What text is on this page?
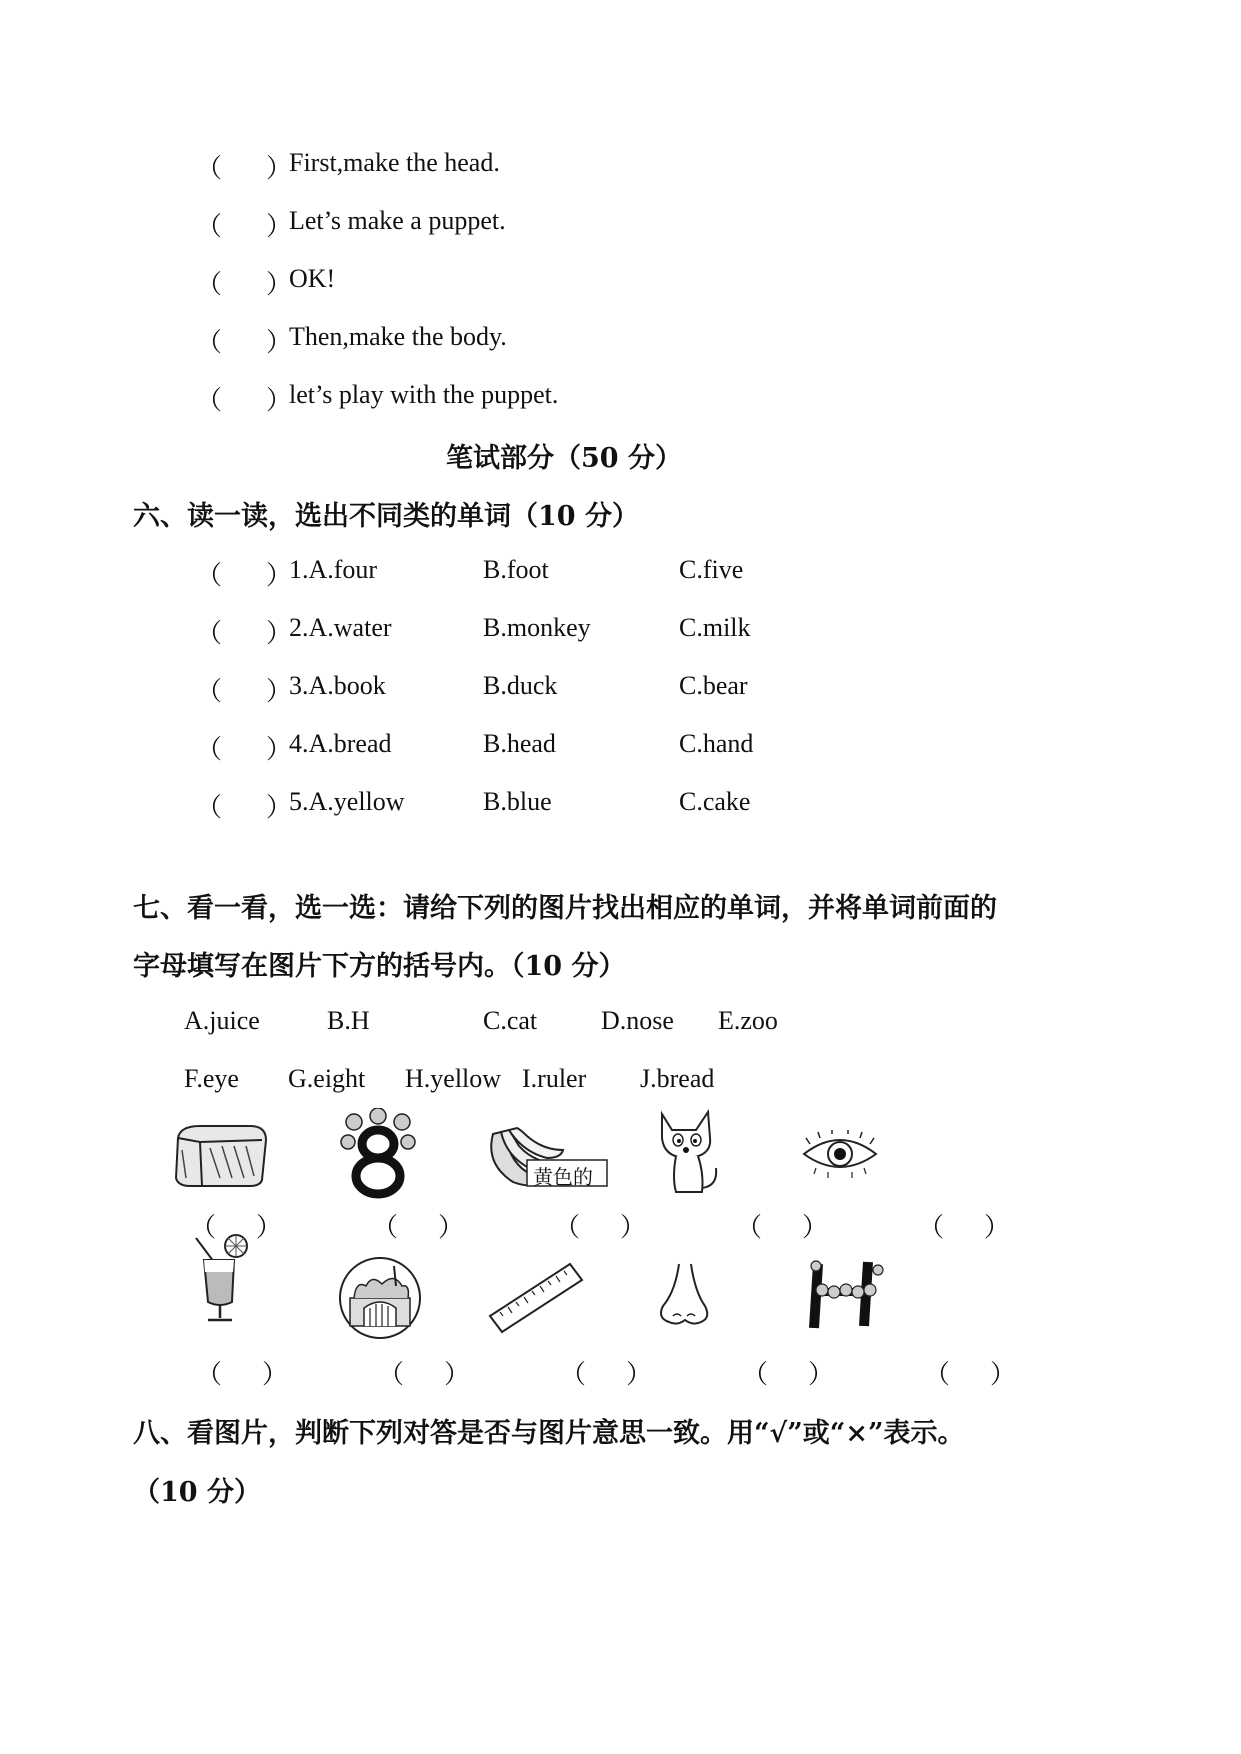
（ ）
First,make the head.
（ ）
Let’s make a puppet.
（ ）
OK!
（ ）
Then,make the body.
（ ）
let’s play with the puppet.
笔试部分（50 分）
六、读一读，选出不同类的单词（10 分）
（ ）
1.A.four	B.foot	C.five
（ ）
2.A.water	B.monkey	C.milk
（ ）
3.A.book	B.duck	C.bear
（ ）
4.A.bread	B.head	C.hand
（ ）
5.A.yellow	B.blue	C.cake
七、看一看，选一选：请给下列的图片找出相应的单词，并将单词前面的
字母填写在图片下方的括号内。（10 分）
A.juice	B.H	C.cat D.nose E.zoo
F.eye G.eight H.yellow I.ruler J.bread
黄色的
（ ）	（ ）	（ ）	（ ）	（ ）
（ ）	（ ）	（ ）	（ ）	（ ）
八、看图片，判断下列对答是否与图片意思一致。用“√”或“×”表示。
（10 分）
